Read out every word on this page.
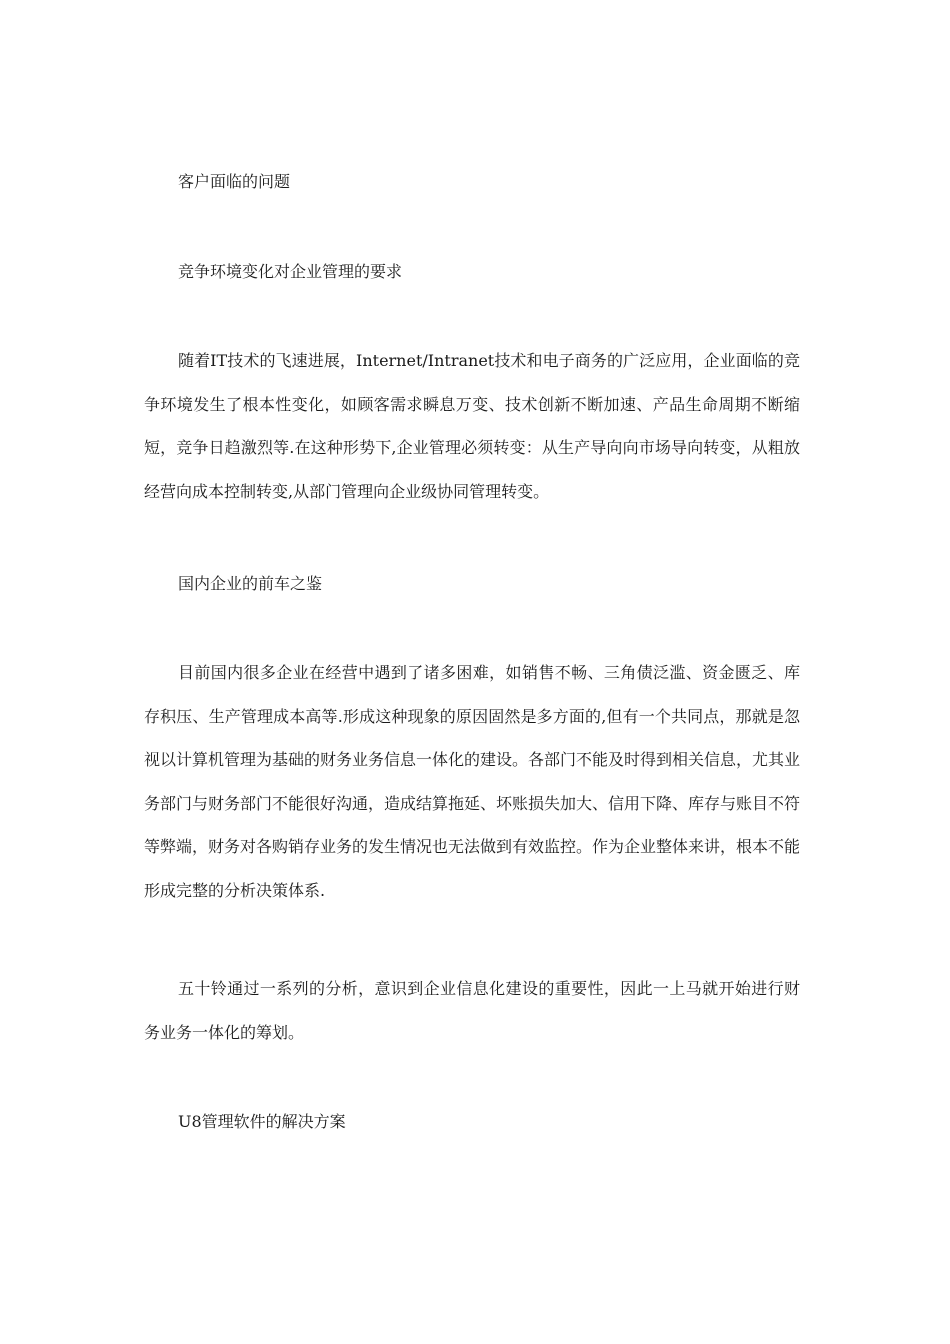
客户面临的问题
竞争环境变化对企业管理的要求

随着IT技术的飞速进展，Internet/Intranet技术和电子商务的广泛应用，企业面临的竞争环境发生了根本性变化，如顾客需求瞬息万变、技术创新不断加速、产品生命周期不断缩短，竞争日趋激烈等.在这种形势下,企业管理必须转变：从生产导向向市场导向转变，从粗放经营向成本控制转变,从部门管理向企业级协同管理转变。

国内企业的前车之鉴

目前国内很多企业在经营中遇到了诸多困难，如销售不畅、三角债泛滥、资金匮乏、库存积压、生产管理成本高等.形成这种现象的原因固然是多方面的,但有一个共同点，那就是忽视以计算机管理为基础的财务业务信息一体化的建设。各部门不能及时得到相关信息，尤其业务部门与财务部门不能很好沟通，造成结算拖延、坏账损失加大、信用下降、库存与账目不符等弊端，财务对各购销存业务的发生情况也无法做到有效监控。作为企业整体来讲，根本不能形成完整的分析决策体系.

五十铃通过一系列的分析，意识到企业信息化建设的重要性，因此一上马就开始进行财务业务一体化的筹划。

U8管理软件的解决方案
